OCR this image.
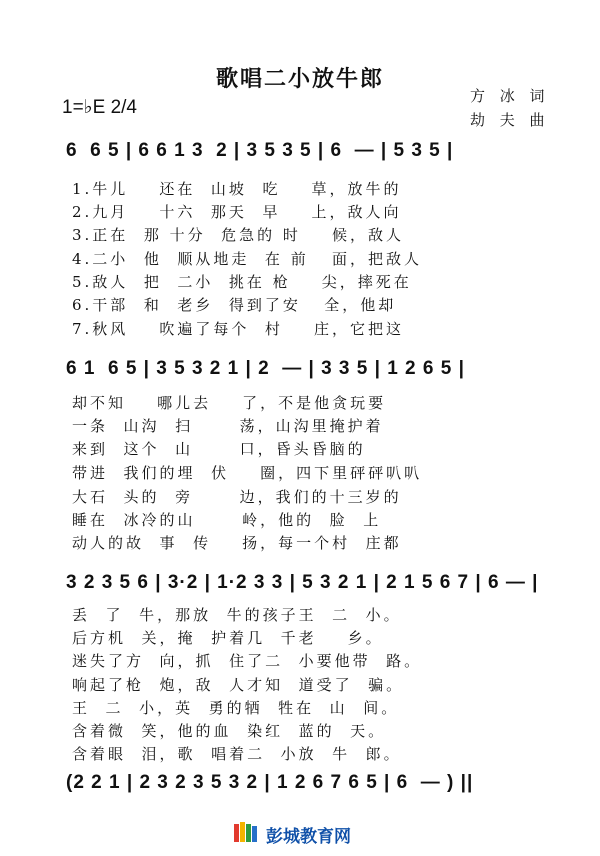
歌唱二小放牛郎
1=♭E 2/4
方 冰 词
劫 夫 曲
6  6 5 | 6 6 1 3  2 | 3 5 3 5 | 6  — | 5 3 5 |
1.牛儿    还在  山坡  吃    草，放牛的
2.九月    十六  那天  早    上，敌人向
3.正在  那 十分  危急的 时    候，敌人
4.二小  他  顺从地走  在 前   面，把敌人
5.敌人  把  二小  挑在 枪    尖，摔死在
6.干部  和  老乡  得到了安   全，他却
7.秋风    吹遍了每个  村    庄，它把这
6 1  6 5 | 3 5 3 2 1 | 2  — | 3 3 5 | 1 2 6 5 |
却不知    哪儿去    了，不是他贪玩要
一条  山沟  扫      荡，山沟里掩护着
来到  这个  山      口，昏头昏脑的
带进  我们的埋  伏    圈，四下里砰砰叭叭
大石  头的  旁      边，我们的十三岁的
睡在  冰冷的山      岭，他的  脸  上
动人的故  事  传    扬，每一个村  庄都
3 2 3 5 6 | 3·2 | 1·2 3 3 | 5 3 2 1 | 2 1 5 6 7 | 6 — |
丢  了  牛，那放  牛的孩子王  二  小。
后方机  关，掩  护着几  千老    乡。
迷失了方  向，抓  住了二  小要他带  路。
响起了枪  炮，敌  人才知  道受了  骗。
王  二  小，英  勇的牺  牲在  山  间。
含着微  笑，他的血  染红  蓝的  天。
含着眼  泪，歌  唱着二  小放  牛  郎。
(2 2 1 | 2 3 2 3 5 3 2 | 1 2 6 7 6 5 | 6  — ) ||
彭城教育网
